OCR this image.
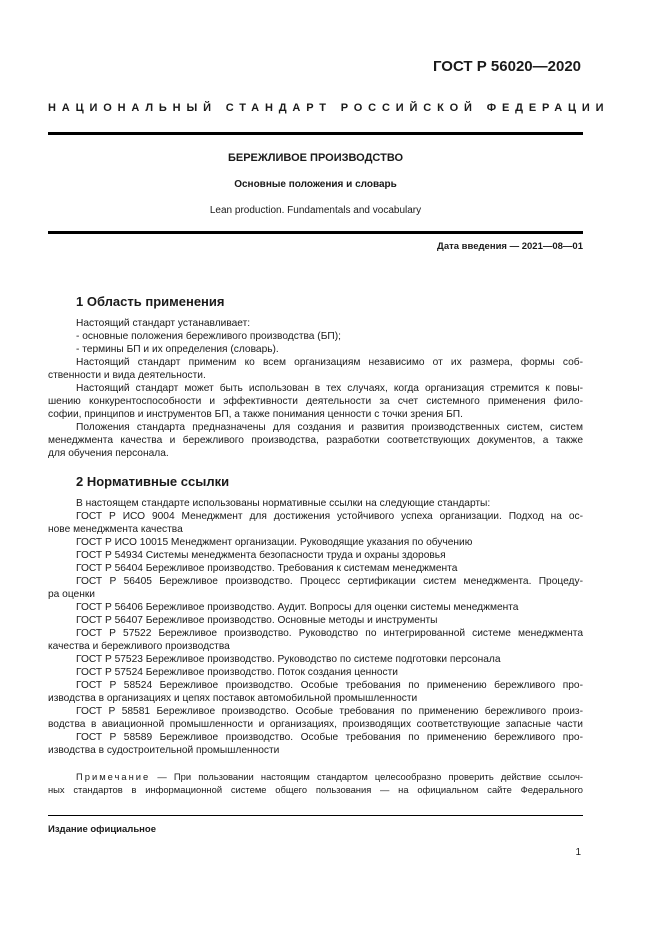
ГОСТ Р 56020—2020
НАЦИОНАЛЬНЫЙ СТАНДАРТ РОССИЙСКОЙ ФЕДЕРАЦИИ
БЕРЕЖЛИВОЕ ПРОИЗВОДСТВО
Основные положения и словарь
Lean production. Fundamentals and vocabulary
Дата введения — 2021—08—01
1 Область применения
Настоящий стандарт устанавливает:
- основные положения бережливого производства (БП);
- термины БП и их определения (словарь).
Настоящий стандарт применим ко всем организациям независимо от их размера, формы соб-
ственности и вида деятельности.
Настоящий стандарт может быть использован в тех случаях, когда организация стремится к повы-
шению конкурентоспособности и эффективности деятельности за счет системного применения фило-
софии, принципов и инструментов БП, а также понимания ценности с точки зрения БП.
Положения стандарта предназначены для создания и развития производственных систем, систем
менеджмента качества и бережливого производства, разработки соответствующих документов, а также
для обучения персонала.
2 Нормативные ссылки
В настоящем стандарте использованы нормативные ссылки на следующие стандарты:
ГОСТ Р ИСО 9004 Менеджмент для достижения устойчивого успеха организации. Подход на ос-
нове менеджмента качества
ГОСТ Р ИСО 10015 Менеджмент организации. Руководящие указания по обучению
ГОСТ Р 54934 Системы менеджмента безопасности труда и охраны здоровья
ГОСТ Р 56404 Бережливое производство. Требования к системам менеджмента
ГОСТ Р 56405 Бережливое производство. Процесс сертификации систем менеджмента. Процеду-
ра оценки
ГОСТ Р 56406 Бережливое производство. Аудит. Вопросы для оценки системы менеджмента
ГОСТ Р 56407 Бережливое производство. Основные методы и инструменты
ГОСТ Р 57522 Бережливое производство. Руководство по интегрированной системе менеджмента
качества и бережливого производства
ГОСТ Р 57523 Бережливое производство. Руководство по системе подготовки персонала
ГОСТ Р 57524 Бережливое производство. Поток создания ценности
ГОСТ Р 58524 Бережливое производство. Особые требования по применению бережливого про-
изводства в организациях и цепях поставок автомобильной промышленности
ГОСТ Р 58581 Бережливое производство. Особые требования по применению бережливого произ-
водства в авиационной промышленности и организациях, производящих соответствующие запасные части
ГОСТ Р 58589 Бережливое производство. Особые требования по применению бережливого про-
изводства в судостроительной промышленности
Примечание — При пользовании настоящим стандартом целесообразно проверить действие ссылоч-
ных стандартов в информационной системе общего пользования — на официальном сайте Федерального
Издание официальное
1
